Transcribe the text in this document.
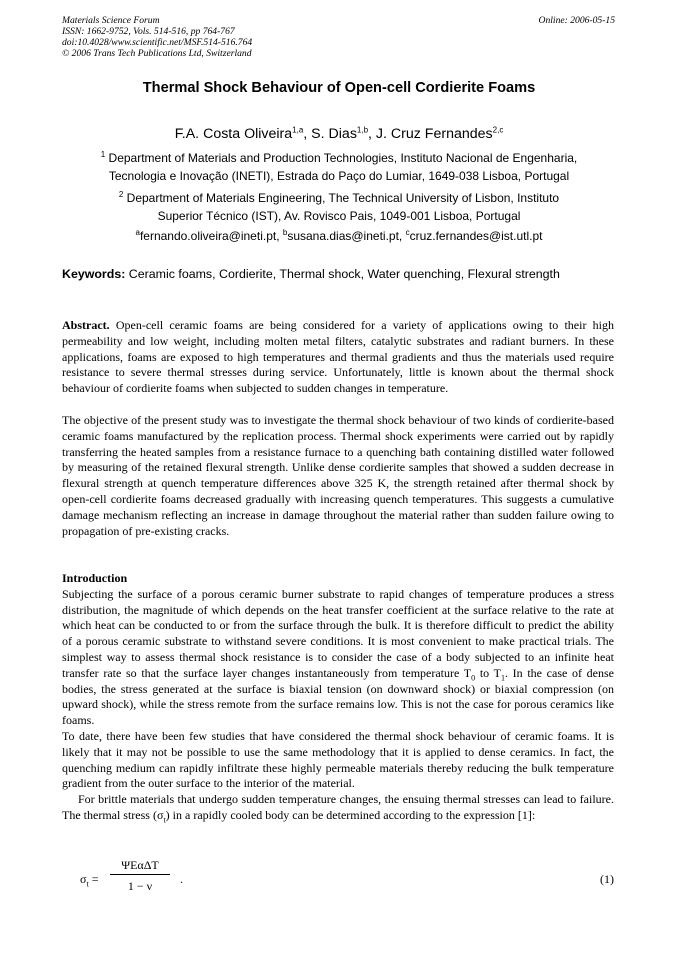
Materials Science Forum
ISSN: 1662-9752, Vols. 514-516, pp 764-767
doi:10.4028/www.scientific.net/MSF.514-516.764
© 2006 Trans Tech Publications Ltd, Switzerland
Online: 2006-05-15
Thermal Shock Behaviour of Open-cell Cordierite Foams
F.A. Costa Oliveira$^{1,a}$, S. Dias$^{1,b}$, J. Cruz Fernandes$^{2,c}$
$^1$ Department of Materials and Production Technologies, Instituto Nacional de Engenharia,
Tecnologia e Inovação (INETI), Estrada do Paço do Lumiar, 1649-038 Lisboa, Portugal
$^2$ Department of Materials Engineering, The Technical University of Lisbon, Instituto
Superior Técnico (IST), Av. Rovisco Pais, 1049-001 Lisboa, Portugal
$^a$fernando.oliveira@ineti.pt, $^b$susana.dias@ineti.pt, $^c$cruz.fernandes@ist.utl.pt
Keywords: Ceramic foams, Cordierite, Thermal shock, Water quenching, Flexural strength

Abstract. Open-cell ceramic foams are being considered for a variety of applications owing to their high permeability and low weight, including molten metal filters, catalytic substrates and radiant burners. In these applications, foams are exposed to high temperatures and thermal gradients and thus the materials used require resistance to severe thermal stresses during service. Unfortunately, little is known about the thermal shock behaviour of cordierite foams when subjected to sudden changes in temperature.

The objective of the present study was to investigate the thermal shock behaviour of two kinds of cordierite-based ceramic foams manufactured by the replication process. Thermal shock experiments were carried out by rapidly transferring the heated samples from a resistance furnace to a quenching bath containing distilled water followed by measuring of the retained flexural strength. Unlike dense cordierite samples that showed a sudden decrease in flexural strength at quench temperature differences above 325 K, the strength retained after thermal shock by open-cell cordierite foams decreased gradually with increasing quench temperatures. This suggests a cumulative damage mechanism reflecting an increase in damage throughout the material rather than sudden failure owing to propagation of pre-existing cracks.

Introduction

Subjecting the surface of a porous ceramic burner substrate to rapid changes of temperature produces a stress distribution, the magnitude of which depends on the heat transfer coefficient at the surface relative to the rate at which heat can be conducted to or from the surface through the bulk. It is therefore difficult to predict the ability of a porous ceramic substrate to withstand severe conditions. It is most convenient to make practical trials. The simplest way to assess thermal shock resistance is to consider the case of a body subjected to an infinite heat transfer rate so that the surface layer changes instantaneously from temperature $T_0$ to $T_1$. In the case of dense bodies, the stress generated at the surface is biaxial tension (on downward shock) or biaxial compression (on upward shock), while the stress remote from the surface remains low. This is not the case for porous ceramics like foams.

To date, there have been few studies that have considered the thermal shock behaviour of ceramic foams. It is likely that it may not be possible to use the same methodology that it is applied to dense ceramics. In fact, the quenching medium can rapidly infiltrate these highly permeable materials thereby reducing the bulk temperature gradient from the outer surface to the interior of the material.

For brittle materials that undergo sudden temperature changes, the ensuing thermal stresses can lead to failure. The thermal stress $(\sigma_t)$ in a rapidly cooled body can be determined according to the expression [1]:

$\sigma_t$ =
ΨEαΔT
1 − ν	.	(1)
